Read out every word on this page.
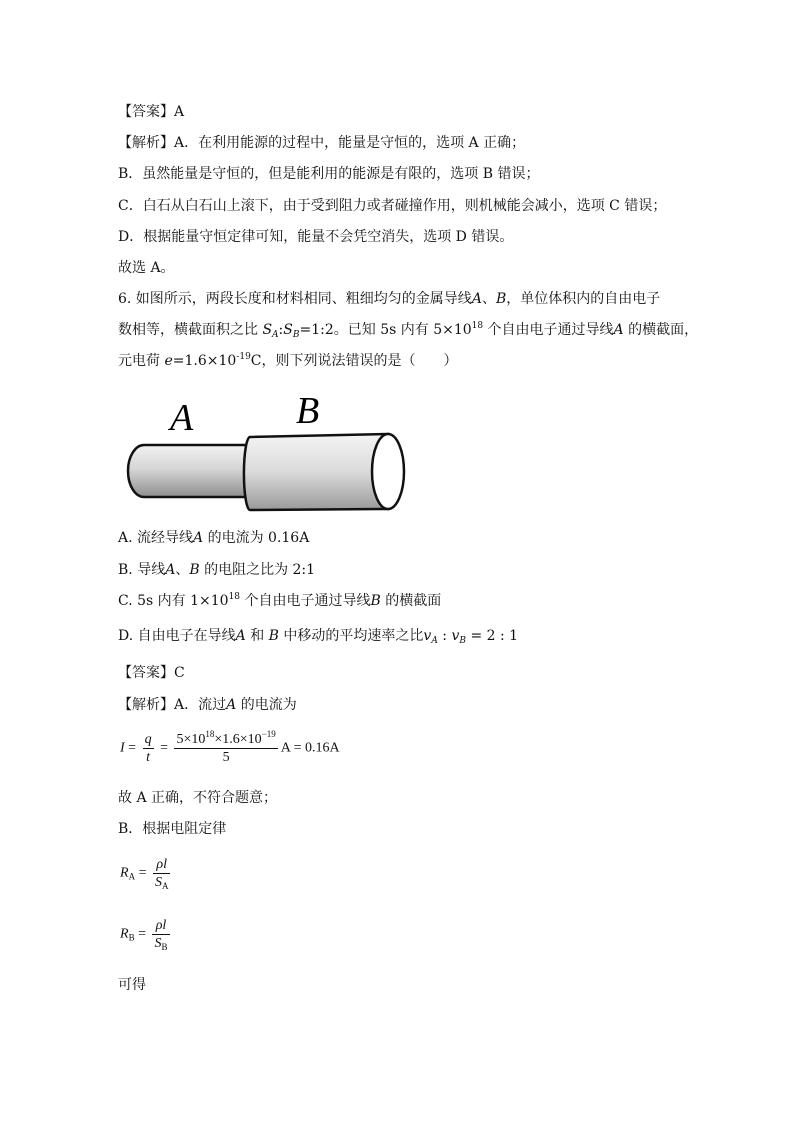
【答案】A
【解析】A．在利用能源的过程中，能量是守恒的，选项 A 正确；
B．虽然能量是守恒的，但是能利用的能源是有限的，选项 B 错误；
C．白石从白石山上滚下，由于受到阻力或者碰撞作用，则机械能会减小，选项 C 错误；
D．根据能量守恒定律可知，能量不会凭空消失，选项 D 错误。
故选 A。
6. 如图所示，两段长度和材料相同、粗细均匀的金属导线A、B，单位体积内的自由电子
数相等，横截面积之比 $S_A:S_B=1:2$。已知 5s 内有 $5\times 10^{18}$ 个自由电子通过导线A 的横截面，
元电荷 $e=1.6\times 10^{-19}C$，则下列说法错误的是（　　）
A	B
A. 流经导线A 的电流为 0.16A
B. 导线A、B 的电阻之比为 2:1
C. 5s 内有 $1\times 10^{18}$ 个自由电子通过导线B 的横截面
D. 自由电子在导线A 和 B 中移动的平均速率之比$v_A$ : $v_B = 2$ : 1
【答案】C
【解析】A．流过A 的电流为
$I = \frac{q}{t} = \frac{5\times 10^{18}\times 1.6\times 10^{-19}}{5}$ A = 0.16A
故 A 正确，不符合题意；
B．根据电阻定律
$R_A = \frac{\rho l}{S_A}$
$R_B = \frac{\rho l}{S_B}$
可得
